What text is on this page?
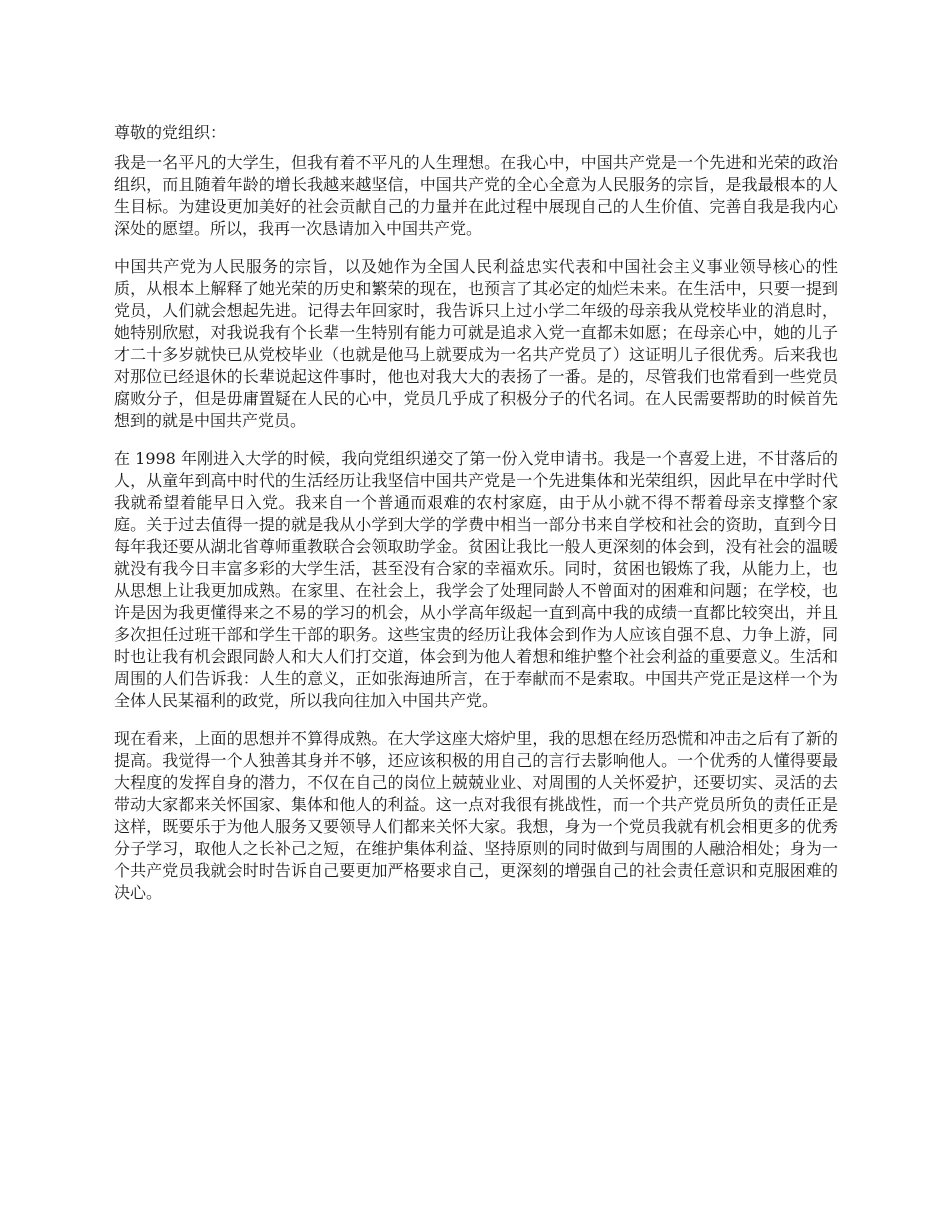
尊敬的党组织：

我是一名平凡的大学生，但我有着不平凡的人生理想。在我心中，中国共产党是一个先进和光荣的政治组织，而且随着年龄的增长我越来越坚信，中国共产党的全心全意为人民服务的宗旨，是我最根本的人生目标。为建设更加美好的社会贡献自己的力量并在此过程中展现自己的人生价值、完善自我是我内心深处的愿望。所以，我再一次恳请加入中国共产党。

中国共产党为人民服务的宗旨，以及她作为全国人民利益忠实代表和中国社会主义事业领导核心的性质，从根本上解释了她光荣的历史和繁荣的现在，也预言了其必定的灿烂未来。在生活中，只要一提到党员，人们就会想起先进。记得去年回家时，我告诉只上过小学二年级的母亲我从党校毕业的消息时，她特别欣慰，对我说我有个长辈一生特别有能力可就是追求入党一直都未如愿；在母亲心中，她的儿子才二十多岁就快已从党校毕业（也就是他马上就要成为一名共产党员了）这证明儿子很优秀。后来我也对那位已经退休的长辈说起这件事时，他也对我大大的表扬了一番。是的，尽管我们也常看到一些党员腐败分子，但是毋庸置疑在人民的心中，党员几乎成了积极分子的代名词。在人民需要帮助的时候首先想到的就是中国共产党员。

在 1998 年刚进入大学的时候，我向党组织递交了第一份入党申请书。我是一个喜爱上进，不甘落后的人，从童年到高中时代的生活经历让我坚信中国共产党是一个先进集体和光荣组织，因此早在中学时代我就希望着能早日入党。我来自一个普通而艰难的农村家庭，由于从小就不得不帮着母亲支撑整个家庭。关于过去值得一提的就是我从小学到大学的学费中相当一部分书来自学校和社会的资助，直到今日每年我还要从湖北省尊师重教联合会领取助学金。贫困让我比一般人更深刻的体会到，没有社会的温暖就没有我今日丰富多彩的大学生活，甚至没有合家的幸福欢乐。同时，贫困也锻炼了我，从能力上，也从思想上让我更加成熟。在家里、在社会上，我学会了处理同龄人不曾面对的困难和问题；在学校，也许是因为我更懂得来之不易的学习的机会，从小学高年级起一直到高中我的成绩一直都比较突出，并且多次担任过班干部和学生干部的职务。这些宝贵的经历让我体会到作为人应该自强不息、力争上游，同时也让我有机会跟同龄人和大人们打交道，体会到为他人着想和维护整个社会利益的重要意义。生活和周围的人们告诉我：人生的意义，正如张海迪所言，在于奉献而不是索取。中国共产党正是这样一个为全体人民某福利的政党，所以我向往加入中国共产党。

现在看来，上面的思想并不算得成熟。在大学这座大熔炉里，我的思想在经历恐慌和冲击之后有了新的提高。我觉得一个人独善其身并不够，还应该积极的用自己的言行去影响他人。一个优秀的人懂得要最大程度的发挥自身的潜力，不仅在自己的岗位上兢兢业业、对周围的人关怀爱护，还要切实、灵活的去带动大家都来关怀国家、集体和他人的利益。这一点对我很有挑战性，而一个共产党员所负的责任正是这样，既要乐于为他人服务又要领导人们都来关怀大家。我想，身为一个党员我就有机会相更多的优秀分子学习，取他人之长补己之短，在维护集体利益、坚持原则的同时做到与周围的人融洽相处；身为一个共产党员我就会时时告诉自己要更加严格要求自己，更深刻的增强自己的社会责任意识和克服困难的决心。
